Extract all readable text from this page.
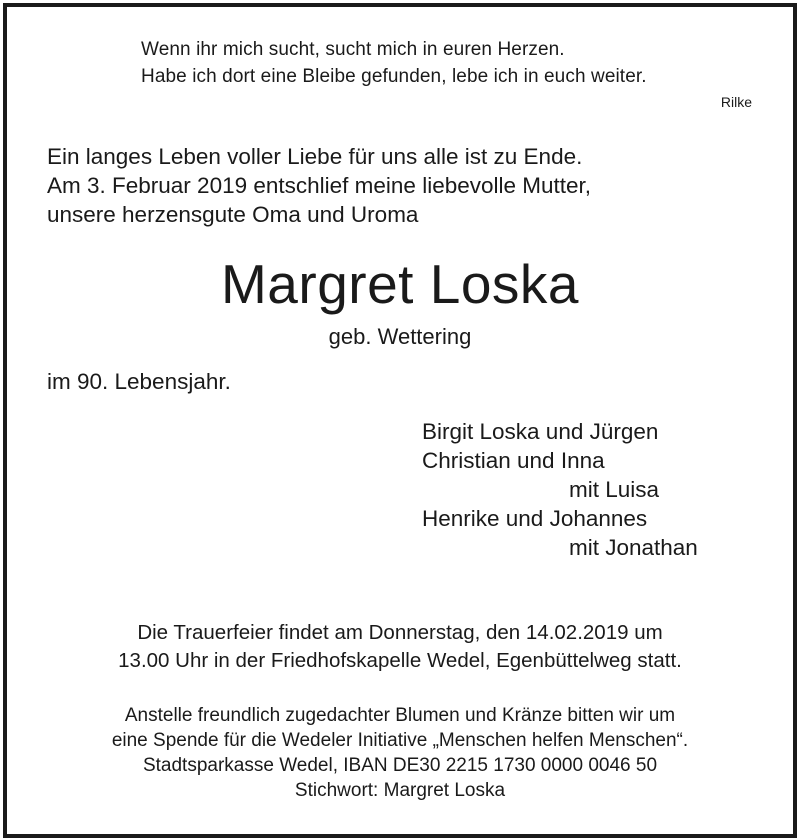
Wenn ihr mich sucht, sucht mich in euren Herzen.
Habe ich dort eine Bleibe gefunden, lebe ich in euch weiter.
Rilke
Ein langes Leben voller Liebe für uns alle ist zu Ende.
Am 3. Februar 2019 entschlief meine liebevolle Mutter,
unsere herzensgute Oma und Uroma
Margret Loska
geb. Wettering
im 90. Lebensjahr.
Birgit Loska und Jürgen
Christian und Inna
mit Luisa
Henrike und Johannes
mit Jonathan
Die Trauerfeier findet am Donnerstag, den 14.02.2019 um
13.00 Uhr in der Friedhofskapelle Wedel, Egenbüttelweg statt.
Anstelle freundlich zugedachter Blumen und Kränze bitten wir um
eine Spende für die Wedeler Initiative „Menschen helfen Menschen“.
Stadtsparkasse Wedel, IBAN DE30 2215 1730 0000 0046 50
Stichwort: Margret Loska
